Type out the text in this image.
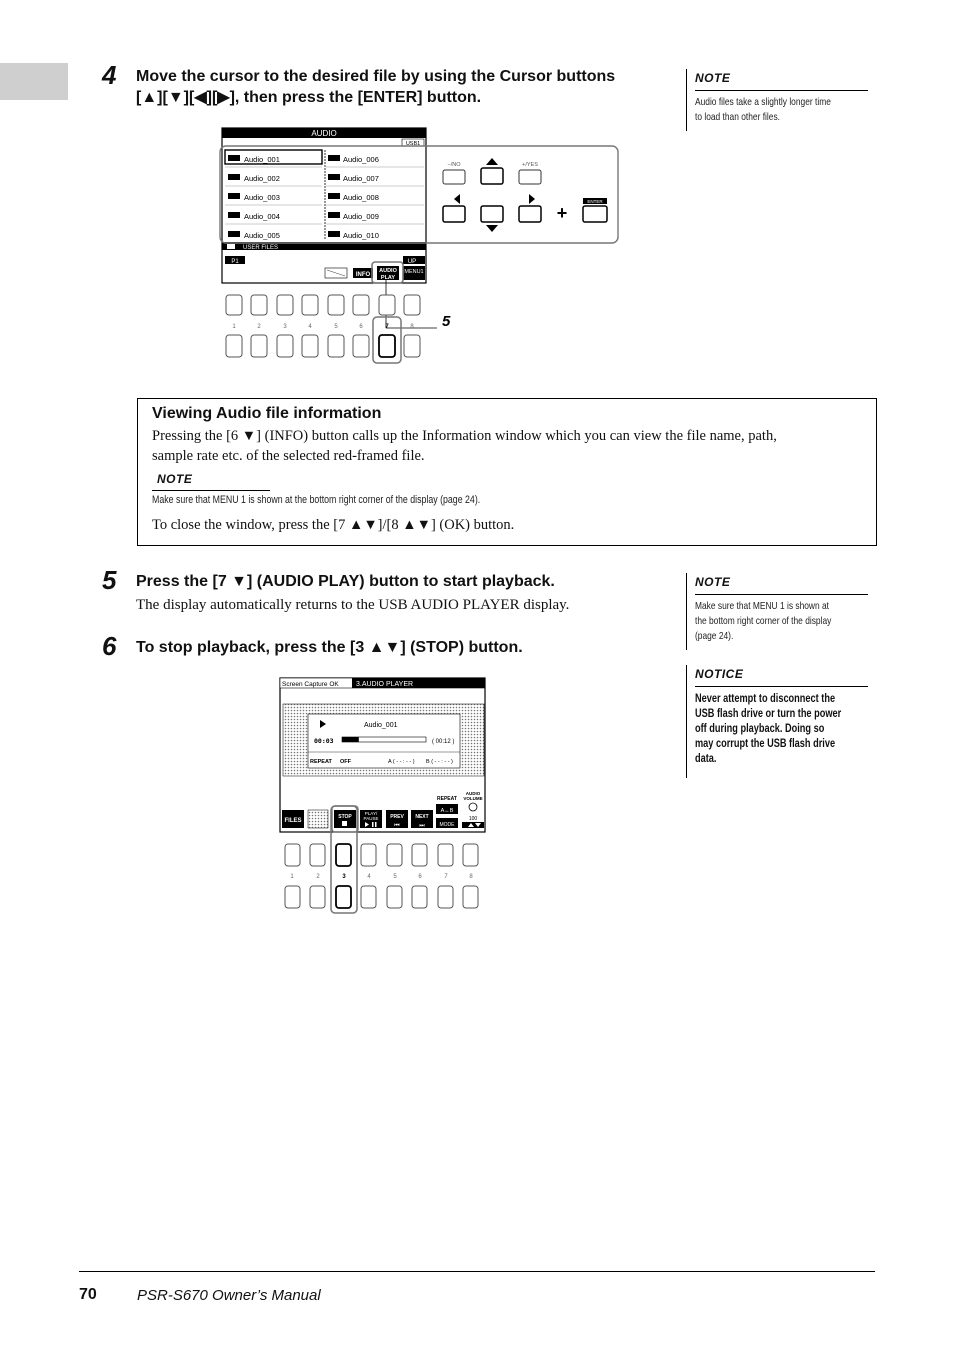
4 Move the cursor to the desired file by using the Cursor buttons
[▲][▼][◀][▶], then press the [ENTER] button.
NOTE
Audio files take a slightly longer time
to load than other files.
AUDIO
USB1
Audio_001
Audio_002
Audio_003
Audio_004
Audio_005
Audio_006
Audio_007
Audio_008
Audio_009
Audio_010
USER FILES
P1	UP
INFO
AUDIO
PLAY
MENU1
−/NO	+/YES
+
ENTER
5
1	2	3	4	5	6	7	8
Viewing Audio file information
Pressing the [6 ▼] (INFO) button calls up the Information window which you can view the file name, path,
sample rate etc. of the selected red-framed file.
NOTE
Make sure that MENU 1 is shown at the bottom right corner of the display (page 24).
To close the window, press the [7 ▲▼]/[8 ▲▼] (OK) button.
5 Press the [7 ▼] (AUDIO PLAY) button to start playback.
The display automatically returns to the USB AUDIO PLAYER display.
6 To stop playback, press the [3 ▲▼] (STOP) button.
NOTE
Make sure that MENU 1 is shown at
the bottom right corner of the display
(page 24).
NOTICE
Never attempt to disconnect the
USB flash drive or turn the power
off during playback. Doing so
may corrupt the USB flash drive
data.
Screen Capture OK 3.AUDIO PLAYER
Audio_001
00:03	( 00:12 )
REPEAT OFF	A ( - - : - - ) B ( - - : - - )
FILES
STOP
PLAY/
PAUSE PREV
⏮
NEXT
⏭
REPEAT
A↔B
MODE
AUDIO
VOLUME
100
1	2	3	4	5	6	7	8
70	PSR-S670 Owner’s Manual
